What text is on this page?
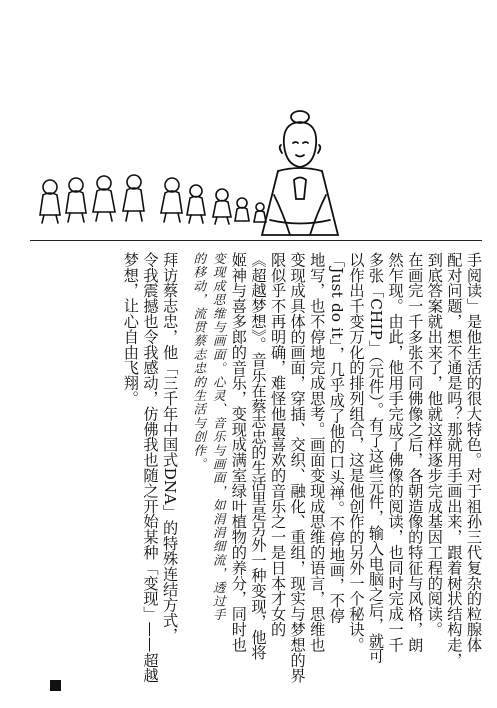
手阅读」是他生活的很大特色。对于祖孙三代复杂的粒腺体
配对问题，想不通是吗？那就用手画出来，跟着树状结构走，
到底答案就出来了，他就这样逐步完成基因工程的阅读。
在画完一千多张不同佛像之后，各朝造像的特征与风格，朗
然乍现。由此，他用手完成了佛像的阅读，也同时完成一千
多张「CHIP」（元件）。有了这些元件，输入电脑之后，就可
以作出千变万化的排列组合，这是他创作的另外一个秘诀。
「Just do it」，几乎成了他的口头禅。不停地画，不停
地写，也不停地完成思考。画面变现成思维的语言，思维也
变现成具体的画面，穿插、交织、融化、重组，现实与梦想的界
限似乎不再明确，难怪他最喜欢的音乐之一是日本才女的
《超越梦想》。音乐在蔡志忠的生活里是另外一种变现，他将
姬神与喜多郎的音乐，变现成满室绿叶植物的养分，同时也
变现成思维与画面。心灵、音乐与画面，如涓涓细流，透过手
的移动，流贯蔡志忠的生活与创作。
拜访蔡志忠，他「三千年中国式DNA」的特殊连结方式，
令我震撼也令我感动，仿佛我也随之开始某种「变现」——超越
梦想，让心自由飞翔。
